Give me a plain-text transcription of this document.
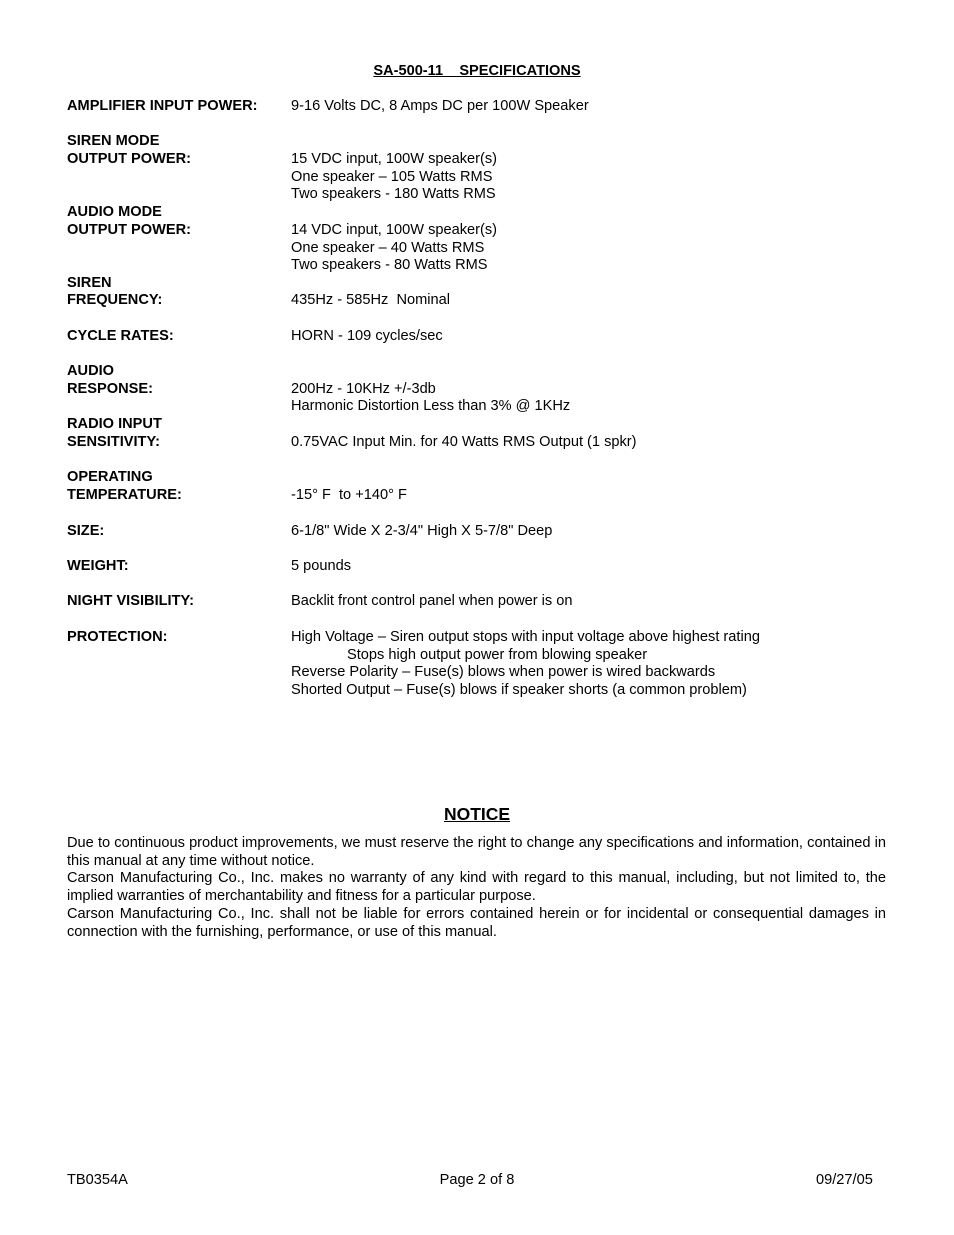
SA-500-11    SPECIFICATIONS
AMPLIFIER INPUT POWER: 9-16 Volts DC, 8 Amps DC per 100W Speaker
SIREN MODE
OUTPUT POWER:	15 VDC input, 100W speaker(s)
One speaker – 105 Watts RMS
Two speakers - 180 Watts RMS
AUDIO MODE
OUTPUT POWER:	14 VDC input, 100W speaker(s)
One speaker – 40 Watts RMS
Two speakers - 80 Watts RMS
SIREN
FREQUENCY:	435Hz - 585Hz  Nominal
CYCLE RATES:	HORN - 109 cycles/sec
AUDIO
RESPONSE:	200Hz - 10KHz +/-3db
Harmonic Distortion Less than 3% @ 1KHz
RADIO INPUT
SENSITIVITY:	0.75VAC Input Min. for 40 Watts RMS Output (1 spkr)
OPERATING
TEMPERATURE:	-15° F  to +140° F
SIZE:	6-1/8" Wide X 2-3/4" High X 5-7/8" Deep
WEIGHT:	5 pounds
NIGHT VISIBILITY:	Backlit front control panel when power is on
PROTECTION:	High Voltage – Siren output stops with input voltage above highest rating
Stops high output power from blowing speaker
Reverse Polarity – Fuse(s) blows when power is wired backwards
Shorted Output – Fuse(s) blows if speaker shorts (a common problem)
NOTICE

Due to continuous product improvements, we must reserve the right to change any specifications and information, contained in this manual at any time without notice.

Carson Manufacturing Co., Inc. makes no warranty of any kind with regard to this manual, including, but not limited to, the implied warranties of merchantability and fitness for a particular purpose.

Carson Manufacturing Co., Inc. shall not be liable for errors contained herein or for incidental or consequential damages in connection with the furnishing, performance, or use of this manual.

TB0354A	Page 2 of 8	09/27/05
